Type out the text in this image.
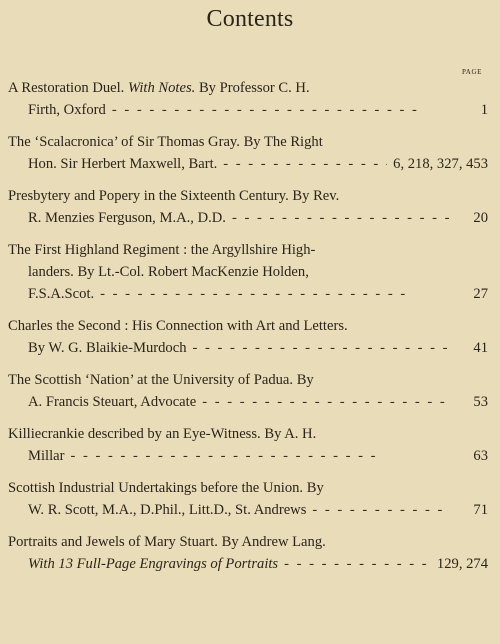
Contents
PAGE
A Restoration Duel. With Notes. By Professor C. H.
Firth, Oxford - -	1
The ‘Scalacronica’ of Sir Thomas Gray. By The Right
Hon. Sir Herbert Maxwell, Bart. - -	6, 218, 327, 453
Presbytery and Popery in the Sixteenth Century. By Rev.
R. Menzies Ferguson, M.A., D.D. - -	20
The First Highland Regiment : the Argyllshire High-
landers. By Lt.-Col. Robert MacKenzie Holden,
F.S.A.Scot. - -	27
Charles the Second : His Connection with Art and Letters.
By W. G. Blaikie-Murdoch - -	41
The Scottish ‘Nation’ at the University of Padua. By
A. Francis Steuart, Advocate - -	53
Killiecrankie described by an Eye-Witness. By A. H.
Millar - -	63
Scottish Industrial Undertakings before the Union. By
W. R. Scott, M.A., D.Phil., Litt.D., St. Andrews - -	71
Portraits and Jewels of Mary Stuart. By Andrew Lang.
With 13 Full-Page Engravings of Portraits - -	129, 274
